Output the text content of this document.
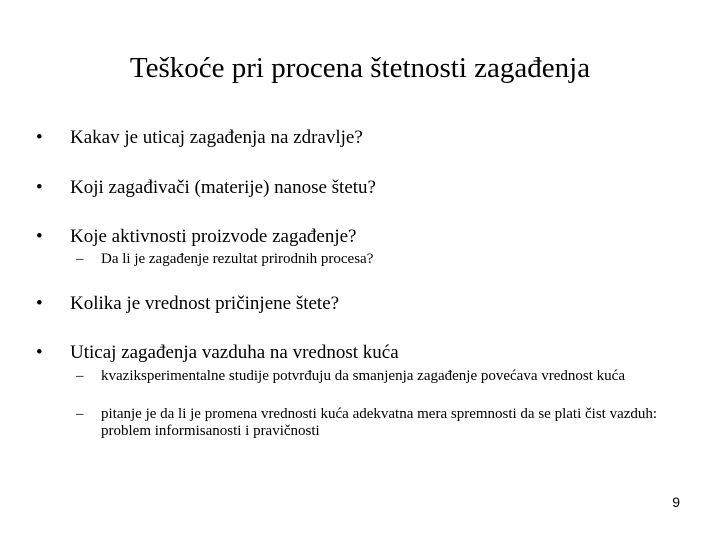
Teškoće pri procena štetnosti zagađenja
• Kakav je uticaj zagađenja na zdravlje?
• Koji zagađivači (materije) nanose štetu?
• Koje aktivnosti proizvode zagađenje?
– Da li je zagađenje rezultat prirodnih procesa?
• Kolika je vrednost pričinjene štete?
• Uticaj zagađenja vazduha na vrednost kuća
– kvaziksperimentalne studije potvrđuju da smanjenja zagađenje povećava vrednost kuća
– pitanje je da li je promena vrednosti kuća adekvatna mera spremnosti da se plati čist vazduh: problem informisanosti i pravičnosti
9
